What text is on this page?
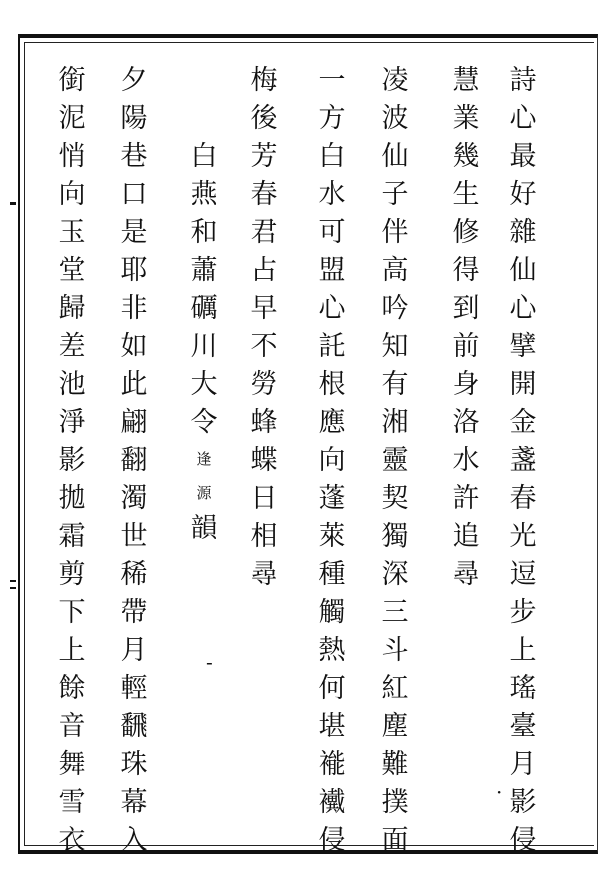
詩
心
最
好
雜
仙
心
擘
開
金
盞
春
光
逗
步
上
瑤
臺
月
影
侵
慧
業
幾
生
修
得
到
前
身
洛
水
許
追
尋
凌
波
仙
子
伴
高
吟
知
有
湘
靈
契
獨
深
三
斗
紅
塵
難
撲
面
一
方
白
水
可
盟
心
託
根
應
向
蓬
萊
種
觸
熱
何
堪
褦
襶
侵
梅
後
芳
春
君
占
早
不
勞
蜂
蝶
日
相
尋
白
燕
和
蕭
礪
川
大
令
逢
源
韻
夕
陽
巷
口
是
耶
非
如
此
翩
翻
濁
世
稀
帶
月
輕
飜
珠
幕
入
銜
泥
悄
向
玉
堂
歸
差
池
淨
影
拋
霜
剪
下
上
餘
音
舞
雪
衣
·
-
